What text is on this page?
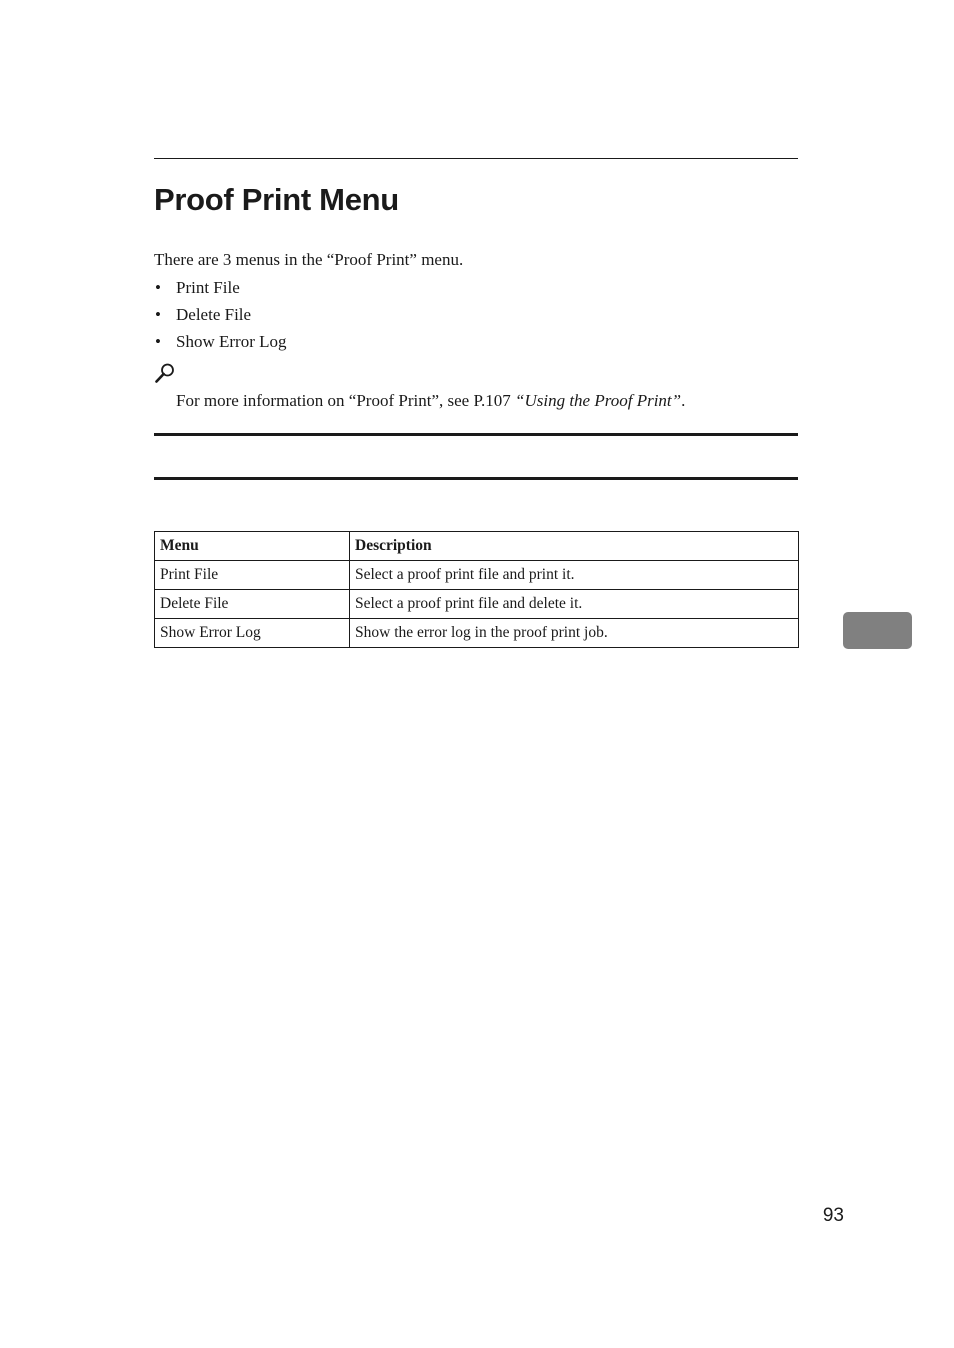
Proof Print Menu
There are 3 menus in the “Proof Print” menu.
• Print File
• Delete File
• Show Error Log
For more information on “Proof Print”, see P.107 “Using the Proof Print”.
Menu	Description
Print File	Select a proof print file and print it.
Delete File	Select a proof print file and delete it.
Show Error Log	Show the error log in the proof print job.
93
